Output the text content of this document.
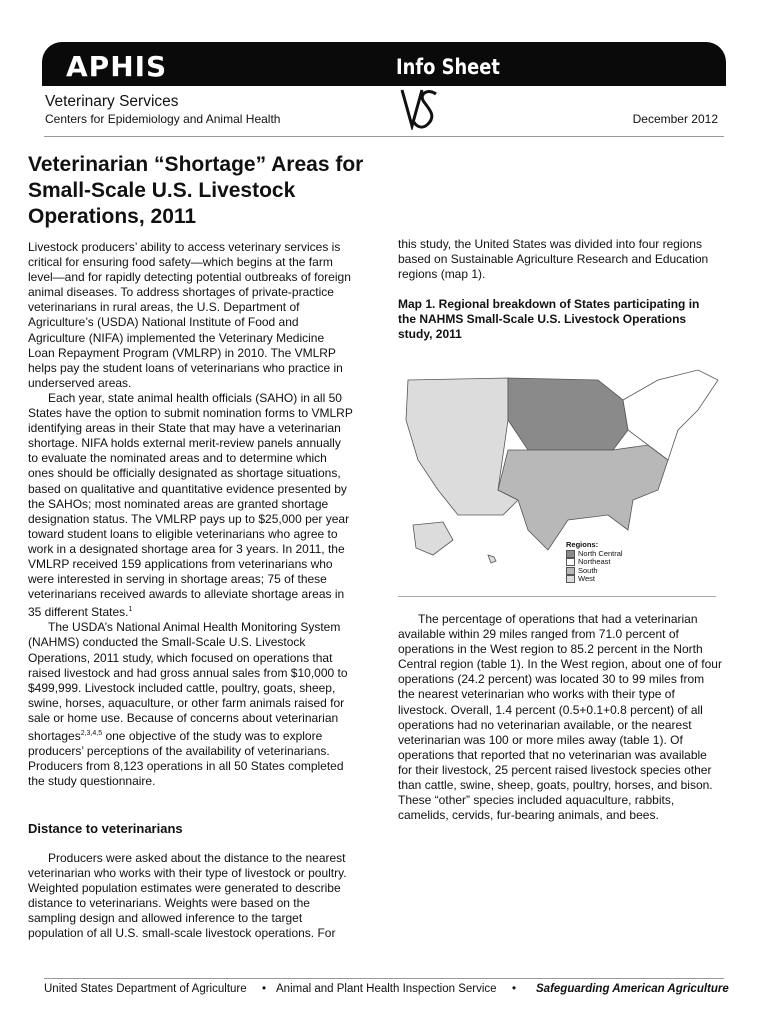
APHIS	Info Sheet
Veterinary Services
Centers for Epidemiology and Animal Health	December 2012
Veterinarian “Shortage” Areas for Small-Scale U.S. Livestock Operations, 2011

Livestock producers’ ability to access veterinary services is critical for ensuring food safety—which begins at the farm level—and for rapidly detecting potential outbreaks of foreign animal diseases. To address shortages of private-practice veterinarians in rural areas, the U.S. Department of Agriculture’s (USDA) National Institute of Food and Agriculture (NIFA) implemented the Veterinary Medicine Loan Repayment Program (VMLRP) in 2010. The VMLRP helps pay the student loans of veterinarians who practice in underserved areas.

Each year, state animal health officials (SAHO) in all 50 States have the option to submit nomination forms to VMLRP identifying areas in their State that may have a veterinarian shortage. NIFA holds external merit-review panels annually to evaluate the nominated areas and to determine which ones should be officially designated as shortage situations, based on qualitative and quantitative evidence presented by the SAHOs; most nominated areas are granted shortage designation status. The VMLRP pays up to $25,000 per year toward student loans to eligible veterinarians who agree to work in a designated shortage area for 3 years. In 2011, the VMLRP received 159 applications from veterinarians who were interested in serving in shortage areas; 75 of these veterinarians received awards to alleviate shortage areas in 35 different States.$^1$

The USDA’s National Animal Health Monitoring System (NAHMS) conducted the Small-Scale U.S. Livestock Operations, 2011 study, which focused on operations that raised livestock and had gross annual sales from $10,000 to $499,999. Livestock included cattle, poultry, goats, sheep, swine, horses, aquaculture, or other farm animals raised for sale or home use. Because of concerns about veterinarian shortages$^{2,3,4,5}$ one objective of the study was to explore producers’ perceptions of the availability of veterinarians. Producers from 8,123 operations in all 50 States completed the study questionnaire.

Distance to veterinarians
Producers were asked about the distance to the nearest veterinarian who works with their type of livestock or poultry. Weighted population estimates were generated to describe distance to veterinarians. Weights were based on the sampling design and allowed inference to the target population of all U.S. small-scale livestock operations. For
this study, the United States was divided into four regions based on Sustainable Agriculture Research and Education regions (map 1).
Map 1. Regional breakdown of States participating in the NAHMS Small-Scale U.S. Livestock Operations study, 2011
Regions:
North Central
Northeast
South
West
The percentage of operations that had a veterinarian available within 29 miles ranged from 71.0 percent of operations in the West region to 85.2 percent in the North Central region (table 1). In the West region, about one of four operations (24.2 percent) was located 30 to 99 miles from the nearest veterinarian who works with their type of livestock. Overall, 1.4 percent (0.5+0.1+0.8 percent) of all operations had no veterinarian available, or the nearest veterinarian was 100 or more miles away (table 1). Of operations that reported that no veterinarian was available for their livestock, 25 percent raised livestock species other than cattle, swine, sheep, goats, poultry, horses, and bison. These “other” species included aquaculture, rabbits, camelids, cervids, fur-bearing animals, and bees.
United States Department of Agriculture • Animal and Plant Health Inspection Service • Safeguarding American Agriculture
